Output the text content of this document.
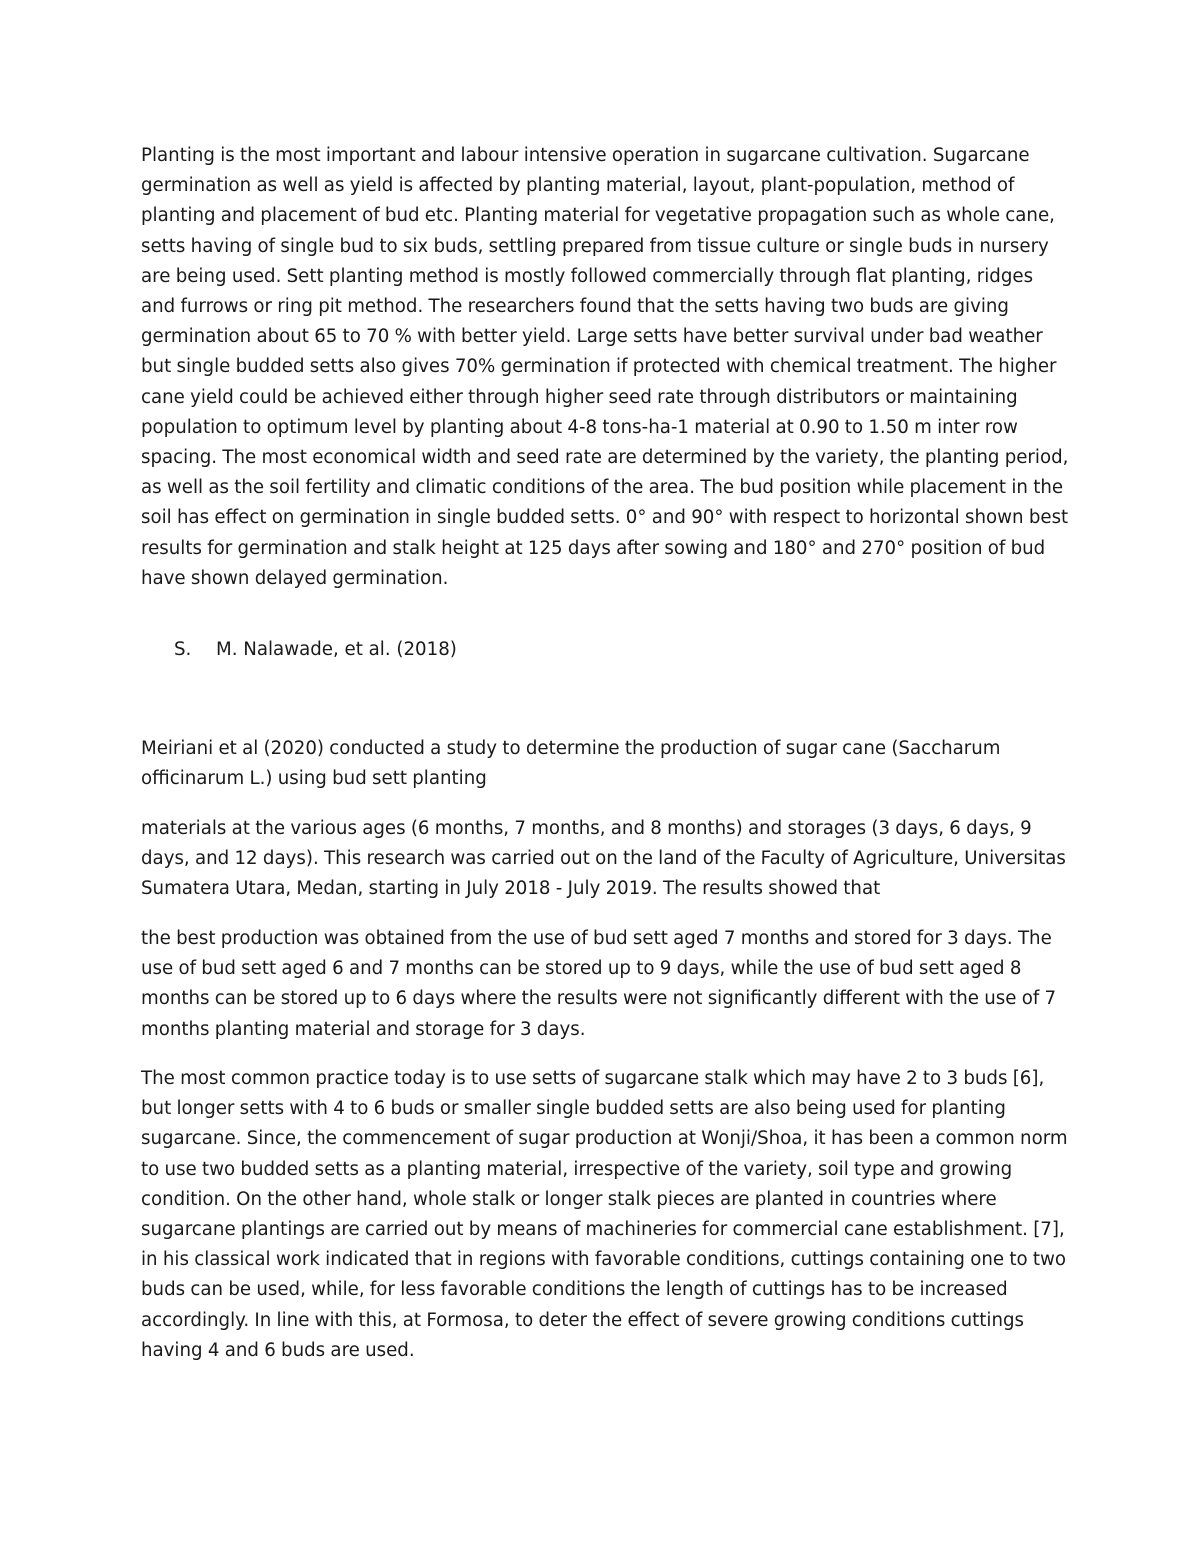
Planting is the most important and labour intensive operation in sugarcane cultivation. Sugarcane germination as well as yield is affected by planting material, layout, plant-population, method of planting and placement of bud etc. Planting material for vegetative propagation such as whole cane, setts having of single bud to six buds, settling prepared from tissue culture or single buds in nursery are being used. Sett planting method is mostly followed commercially through flat planting, ridges and furrows or ring pit method. The researchers found that the setts having two buds are giving germination about 65 to 70 % with better yield. Large setts have better survival under bad weather but single budded setts also gives 70% germination if protected with chemical treatment. The higher cane yield could be achieved either through higher seed rate through distributors or maintaining population to optimum level by planting about 4-8 tons-ha-1 material at 0.90 to 1.50 m inter row spacing. The most economical width and seed rate are determined by the variety, the planting period, as well as the soil fertility and climatic conditions of the area. The bud position while placement in the soil has effect on germination in single budded setts. 0° and 90° with respect to horizontal shown best results for germination and stalk height at 125 days after sowing and 180° and 270° position of bud have shown delayed germination.

S. M. Nalawade, et al. (2018)

Meiriani et al (2020) conducted a study to determine the production of sugar cane (Saccharum officinarum L.) using bud sett planting

materials at the various ages (6 months, 7 months, and 8 months) and storages (3 days, 6 days, 9 days, and 12 days). This research was carried out on the land of the Faculty of Agriculture, Universitas Sumatera Utara, Medan, starting in July 2018 - July 2019. The results showed that

the best production was obtained from the use of bud sett aged 7 months and stored for 3 days. The use of bud sett aged 6 and 7 months can be stored up to 9 days, while the use of bud sett aged 8 months can be stored up to 6 days where the results were not significantly different with the use of 7 months planting material and storage for 3 days.

The most common practice today is to use setts of sugarcane stalk which may have 2 to 3 buds [6], but longer setts with 4 to 6 buds or smaller single budded setts are also being used for planting sugarcane. Since, the commencement of sugar production at Wonji/Shoa, it has been a common norm to use two budded setts as a planting material, irrespective of the variety, soil type and growing condition. On the other hand, whole stalk or longer stalk pieces are planted in countries where sugarcane plantings are carried out by means of machineries for commercial cane establishment. [7], in his classical work indicated that in regions with favorable conditions, cuttings containing one to two buds can be used, while, for less favorable conditions the length of cuttings has to be increased accordingly. In line with this, at Formosa, to deter the effect of severe growing conditions cuttings having 4 and 6 buds are used.
